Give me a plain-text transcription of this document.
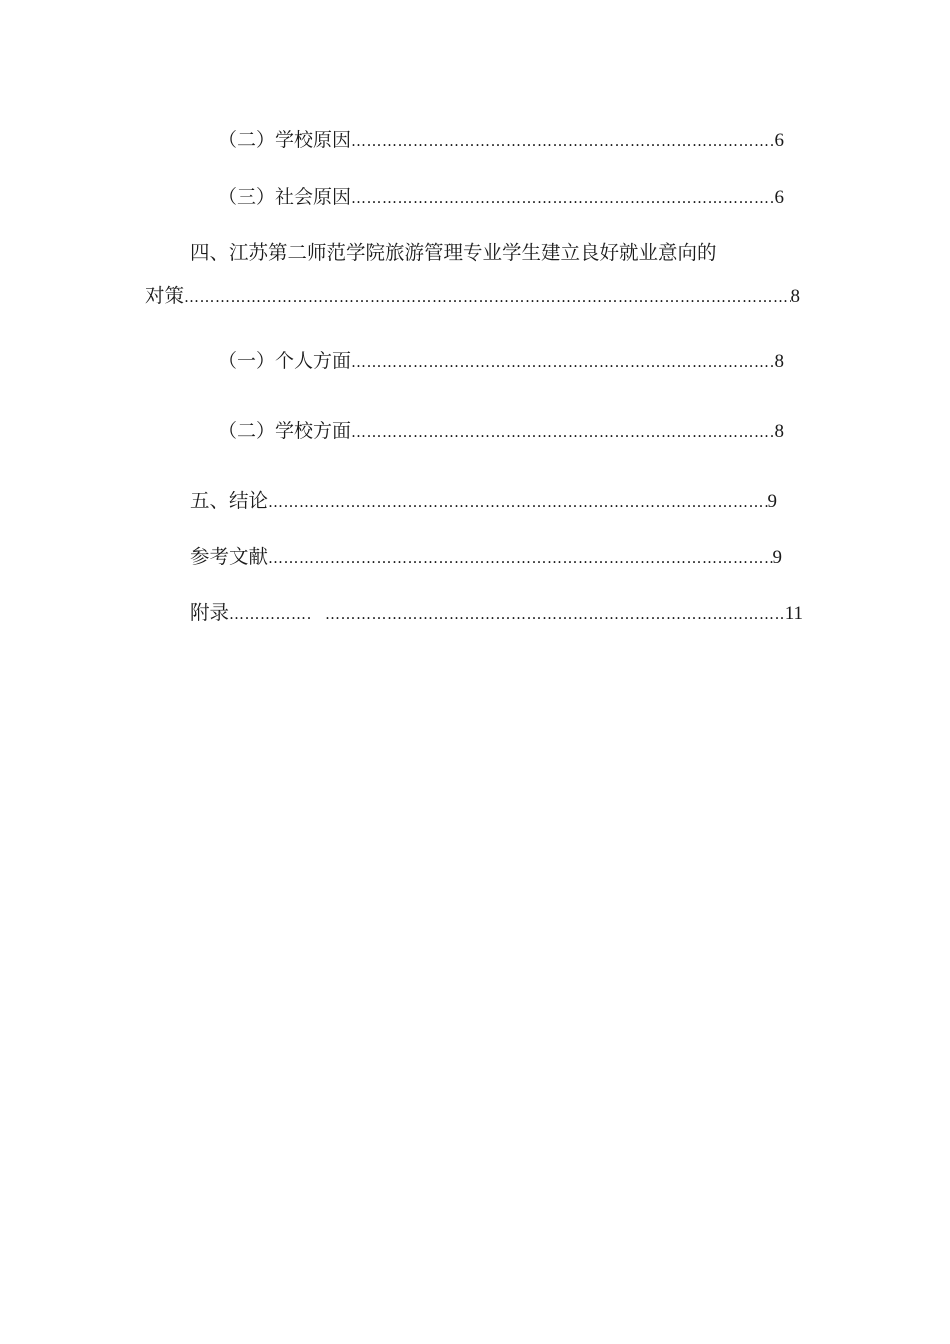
（二）学校原因 …………………………………………………………………………………………………………………………………………	6
（三）社会原因 …………………………………………………………………………………………………………………………………………	6
四、江苏第二师范学院旅游管理专业学生建立良好就业意向的
对策 …………………………………………………………………………………………………………………………………………	8
（一）个人方面 …………………………………………………………………………………………………………………………………………	8
（二）学校方面 …………………………………………………………………………………………………………………………………………	8
五、结论 …………………………………………………………………………………………………………………………………………	9
参考文献 …………………………………………………………………………………………………………………………………………	9
附录 ………………………………………………………………………………………………………………………………………… …………………………………………………………………………………………………………………………………………	11
